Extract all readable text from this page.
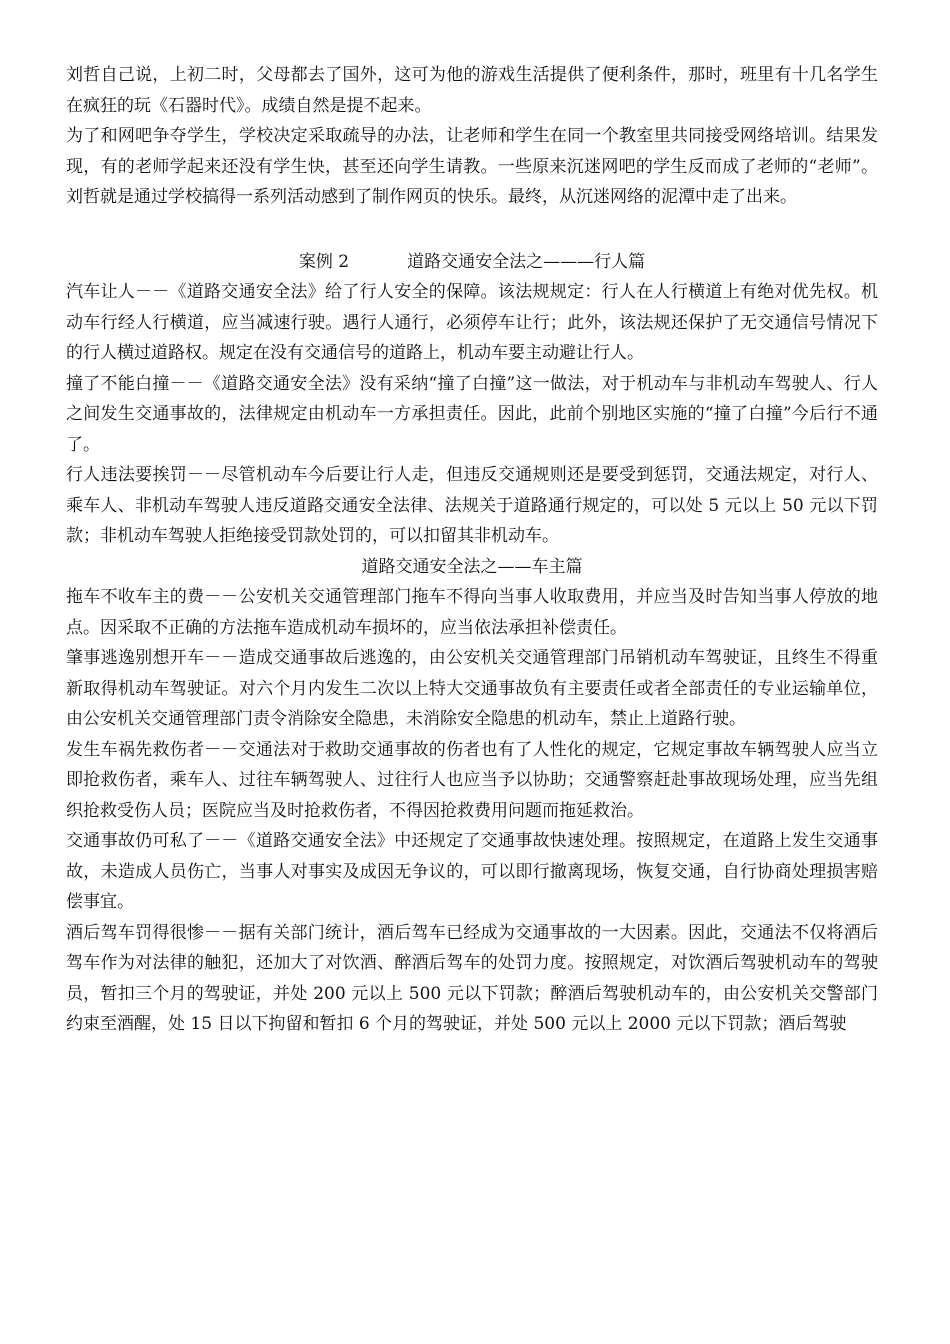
刘哲自己说，上初二时，父母都去了国外，这可为他的游戏生活提供了便利条件，那时，班里有十几名学生在疯狂的玩《石器时代》。成绩自然是提不起来。

为了和网吧争夺学生，学校决定采取疏导的办法，让老师和学生在同一个教室里共同接受网络培训。结果发现，有的老师学起来还没有学生快，甚至还向学生请教。一些原来沉迷网吧的学生反而成了老师的“老师”。刘哲就是通过学校搞得一系列活动感到了制作网页的快乐。最终，从沉迷网络的泥潭中走了出来。

案例 2	道路交通安全法之———行人篇

汽车让人－－《道路交通安全法》给了行人安全的保障。该法规规定：行人在人行横道上有绝对优先权。机动车行经人行横道，应当减速行驶。遇行人通行，必须停车让行；此外，该法规还保护了无交通信号情况下的行人横过道路权。规定在没有交通信号的道路上，机动车要主动避让行人。

撞了不能白撞－－《道路交通安全法》没有采纳“撞了白撞”这一做法，对于机动车与非机动车驾驶人、行人之间发生交通事故的，法律规定由机动车一方承担责任。因此，此前个别地区实施的“撞了白撞”今后行不通了。

行人违法要挨罚－－尽管机动车今后要让行人走，但违反交通规则还是要受到惩罚，交通法规定，对行人、乘车人、非机动车驾驶人违反道路交通安全法律、法规关于道路通行规定的，可以处 5 元以上 50 元以下罚款；非机动车驾驶人拒绝接受罚款处罚的，可以扣留其非机动车。

道路交通安全法之——车主篇

拖车不收车主的费－－公安机关交通管理部门拖车不得向当事人收取费用，并应当及时告知当事人停放的地点。因采取不正确的方法拖车造成机动车损坏的，应当依法承担补偿责任。

肇事逃逸别想开车－－造成交通事故后逃逸的，由公安机关交通管理部门吊销机动车驾驶证，且终生不得重新取得机动车驾驶证。对六个月内发生二次以上特大交通事故负有主要责任或者全部责任的专业运输单位，由公安机关交通管理部门责令消除安全隐患，未消除安全隐患的机动车，禁止上道路行驶。

发生车祸先救伤者－－交通法对于救助交通事故的伤者也有了人性化的规定，它规定事故车辆驾驶人应当立即抢救伤者，乘车人、过往车辆驾驶人、过往行人也应当予以协助；交通警察赶赴事故现场处理，应当先组织抢救受伤人员；医院应当及时抢救伤者，不得因抢救费用问题而拖延救治。

交通事故仍可私了－－《道路交通安全法》中还规定了交通事故快速处理。按照规定，在道路上发生交通事故，未造成人员伤亡，当事人对事实及成因无争议的，可以即行撤离现场，恢复交通，自行协商处理损害赔偿事宜。

酒后驾车罚得很惨－－据有关部门统计，酒后驾车已经成为交通事故的一大因素。因此，交通法不仅将酒后驾车作为对法律的触犯，还加大了对饮酒、醉酒后驾车的处罚力度。按照规定，对饮酒后驾驶机动车的驾驶员，暂扣三个月的驾驶证，并处 200 元以上 500 元以下罚款；醉酒后驾驶机动车的，由公安机关交警部门约束至酒醒，处 15 日以下拘留和暂扣 6 个月的驾驶证，并处 500 元以上 2000 元以下罚款；酒后驾驶
